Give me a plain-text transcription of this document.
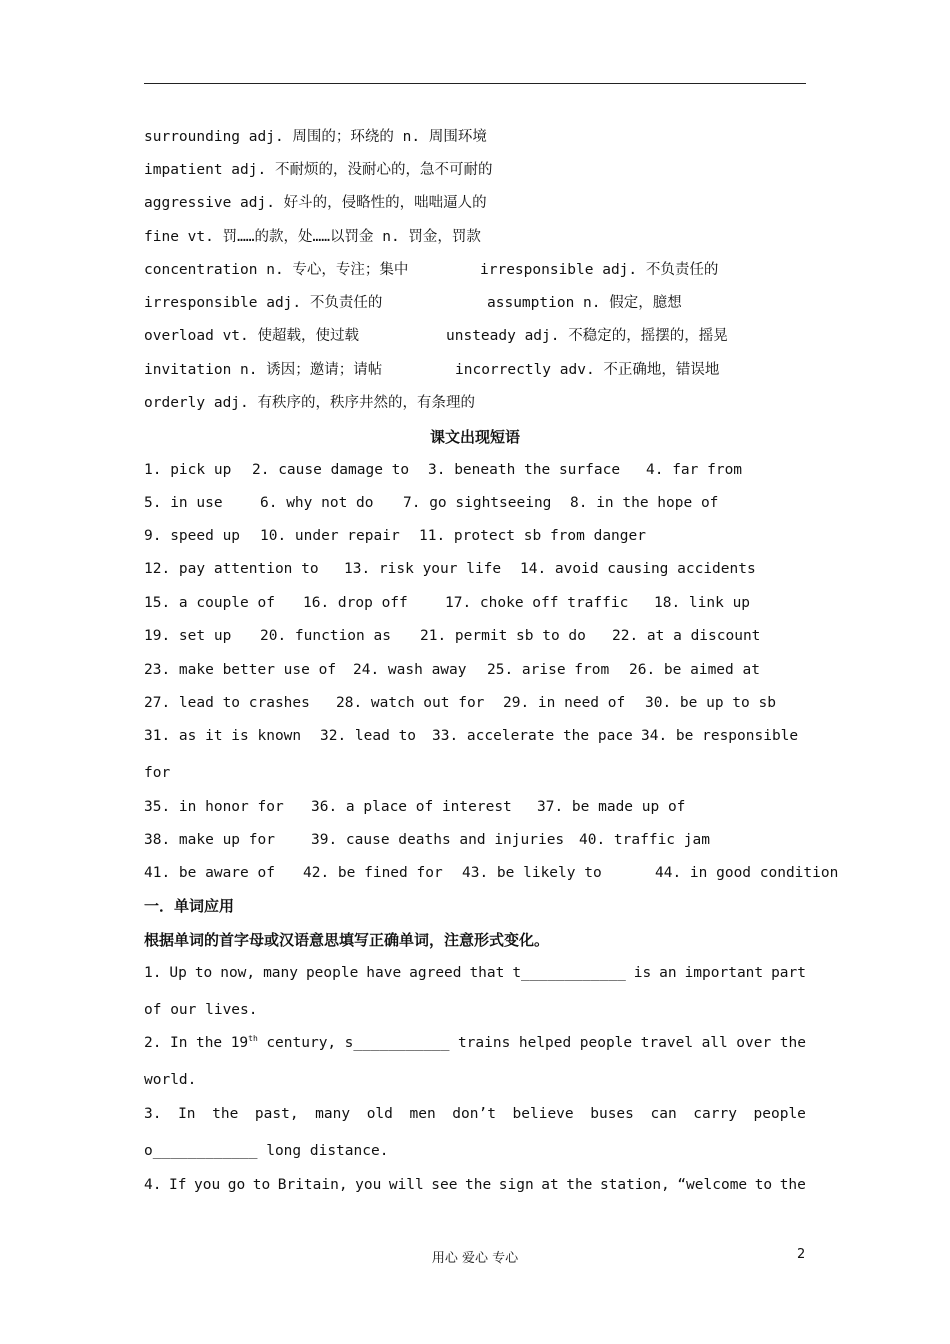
surrounding adj. 周围的；环绕的 n. 周围环境
impatient adj. 不耐烦的，没耐心的，急不可耐的
aggressive adj. 好斗的，侵略性的，咄咄逼人的
fine vt. 罚……的款，处……以罚金 n. 罚金，罚款
concentration n. 专心，专注；集中	irresponsible adj. 不负责任的
irresponsible adj. 不负责任的	assumption n. 假定，臆想
overload vt. 使超载，使过载	unsteady adj. 不稳定的，摇摆的，摇晃
invitation n. 诱因；邀请；请帖	incorrectly adv. 不正确地，错误地
orderly adj. 有秩序的，秩序井然的，有条理的
课文出现短语
1. pick up 2. cause damage to 3. beneath the surface 4. far from
5. in use	6. why not do 7. go sightseeing 8. in the hope of
9. speed up 10. under repair 11. protect sb from danger
12. pay attention to 13. risk your life 14. avoid causing accidents
15. a couple of 16. drop off	17. choke off traffic 18. link up
19. set up 20. function as 21. permit sb to do 22. at a discount
23. make better use of 24. wash away 25. arise from 26. be aimed at
27. lead to crashes 28. watch out for 29. in need of 30. be up to sb
31. as it is known 32. lead to 33. accelerate the pace 34. be responsible
for
35. in honor for 36. a place of interest 37. be made up of
38. make up for 39. cause deaths and injuries 40. traffic jam
41. be aware of 42. be fined for 43. be likely to	44. in good condition
一．单词应用
根据单词的首字母或汉语意思填写正确单词，注意形式变化。
1. Up to now, many people have agreed that t____________ is an important part
of our lives.
2. In the 19th century, s___________ trains helped people travel all over the
world.
3. In the past, many old men don’t believe buses can carry people
o____________ long distance.
4. If you go to Britain, you will see the sign at the station, “welcome to the
用心 爱心 专心	2
